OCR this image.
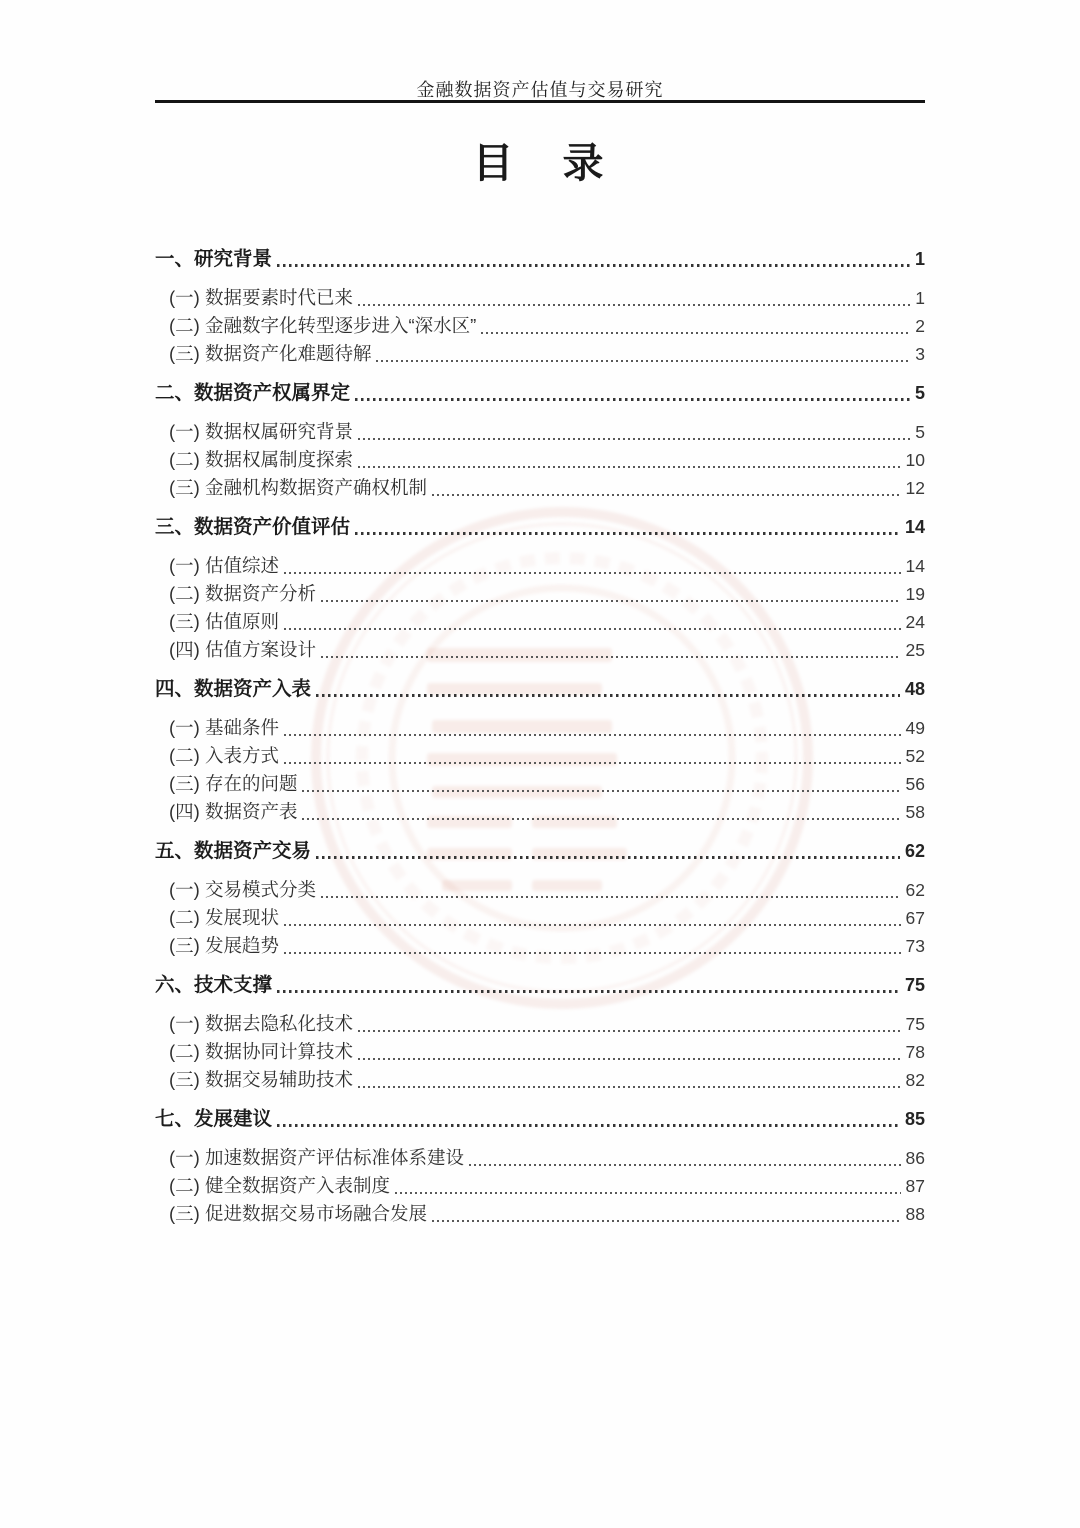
金融数据资产估值与交易研究
目　录
一、研究背景	1
(一) 数据要素时代已来	1
(二) 金融数字化转型逐步进入“深水区”	2
(三) 数据资产化难题待解	3
二、数据资产权属界定	5
(一) 数据权属研究背景	5
(二) 数据权属制度探索	10
(三) 金融机构数据资产确权机制	12
三、数据资产价值评估	14
(一) 估值综述	14
(二) 数据资产分析	19
(三) 估值原则	24
(四) 估值方案设计	25
四、数据资产入表	48
(一) 基础条件	49
(二) 入表方式	52
(三) 存在的问题	56
(四) 数据资产表	58
五、数据资产交易	62
(一) 交易模式分类	62
(二) 发展现状	67
(三) 发展趋势	73
六、技术支撑	75
(一) 数据去隐私化技术	75
(二) 数据协同计算技术	78
(三) 数据交易辅助技术	82
七、发展建议	85
(一) 加速数据资产评估标准体系建设	86
(二) 健全数据资产入表制度	87
(三) 促进数据交易市场融合发展	88
